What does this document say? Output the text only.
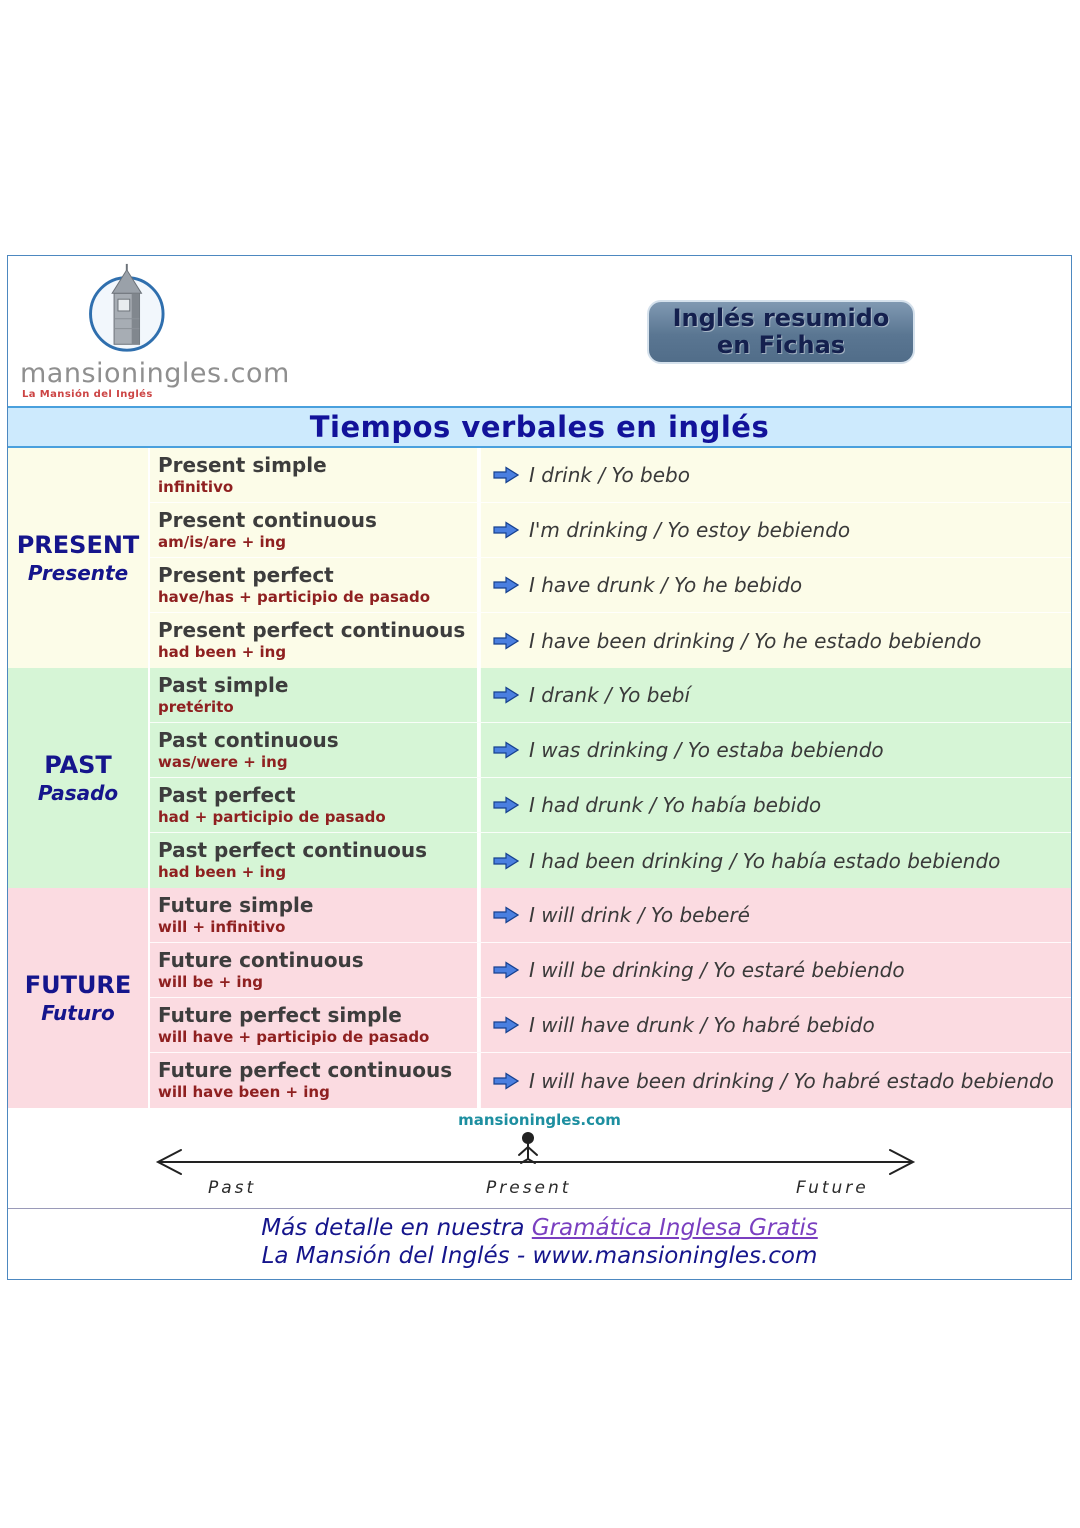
mansioningles.com
La Mansión del Inglés
Inglés resumido
en Fichas
Tiempos verbales en inglés
PRESENT
Presente
Present simple
infinitivo	I drink / Yo bebo
Present continuous
am/is/are + ing	I'm drinking / Yo estoy bebiendo
Present perfect
have/has + participio de pasado	I have drunk / Yo he bebido
Present perfect continuous
had been + ing	I have been drinking / Yo he estado bebiendo
PAST
Pasado
Past simple
pretérito	I drank / Yo bebí
Past continuous
was/were + ing	I was drinking / Yo estaba bebiendo
Past perfect
had + participio de pasado	I had drunk / Yo había bebido
Past perfect continuous
had been + ing	I had been drinking / Yo había estado bebiendo
FUTURE
Futuro
Future simple
will + infinitivo	I will drink / Yo beberé
Future continuous
will be + ing	I will be drinking / Yo estaré bebiendo
Future perfect simple
will have + participio de pasado	I will have drunk / Yo habré bebido
Future perfect continuous
will have been + ing	I will have been drinking / Yo habré estado bebiendo
mansioningles.com
Past	Present	Future
Más detalle en nuestra Gramática Inglesa Gratis
La Mansión del Inglés - www.mansioningles.com
